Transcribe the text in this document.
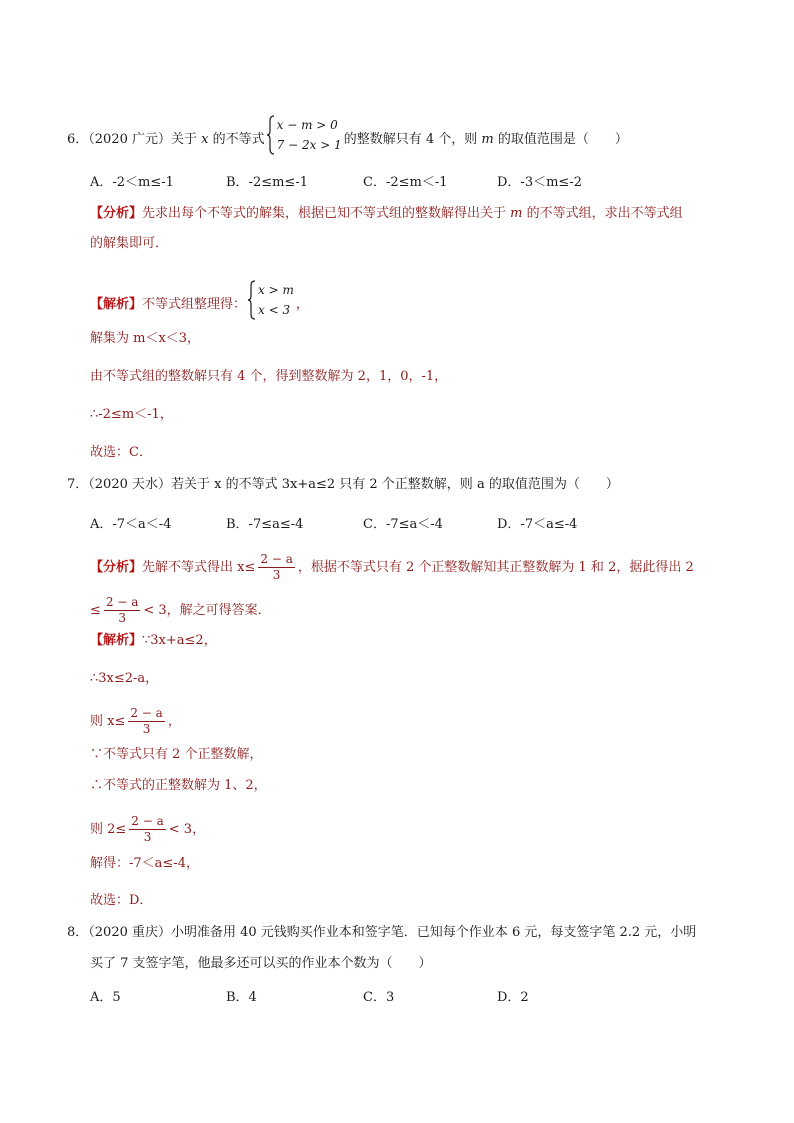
6．（2020 广元）关于 x 的不等式
x − m > 0
7 − 2x > 1 的整数解只有 4 个，则 m 的取值范围是（　　）
A．-2＜m≤-1	B．-2≤m≤-1	C．-2≤m＜-1	D．-3＜m≤-2
【分析】先求出每个不等式的解集，根据已知不等式组的整数解得出关于 m 的不等式组，求出不等式组
的解集即可．
【解析】不等式组整理得：
x > m
x < 3 ，
解集为 m＜x＜3，
由不等式组的整数解只有 4 个，得到整数解为 2，1，0，-1，
∴-2≤m＜-1，
故选：C．
7．（2020 天水）若关于 x 的不等式 3x+a≤2 只有 2 个正整数解，则 a 的取值范围为（　　）
A．-7＜a＜-4	B．-7≤a≤-4	C．-7≤a＜-4	D．-7＜a≤-4
【分析】先解不等式得出 $x\le \frac{2 - a}{3}$ ，根据不等式只有 2 个正整数解知其正整数解为 1 和 2，据此得出 2
≤ $\frac{2 - a}{3} < 3$，解之可得答案．
【解析】∵3x+a≤2，
∴3x≤2-a，
则 $x\le \frac{2 - a}{3}$ ，
∵不等式只有 2 个正整数解，
∴不等式的正整数解为 1、2，
则 $2\le \frac{2 - a}{3} < 3$，
解得：-7＜a≤-4，
故选：D．
8．（2020 重庆）小明准备用 40 元钱购买作业本和签字笔．已知每个作业本 6 元，每支签字笔 2.2 元，小明
买了 7 支签字笔，他最多还可以买的作业本个数为（　　）
A．5	B．4	C．3	D．2
